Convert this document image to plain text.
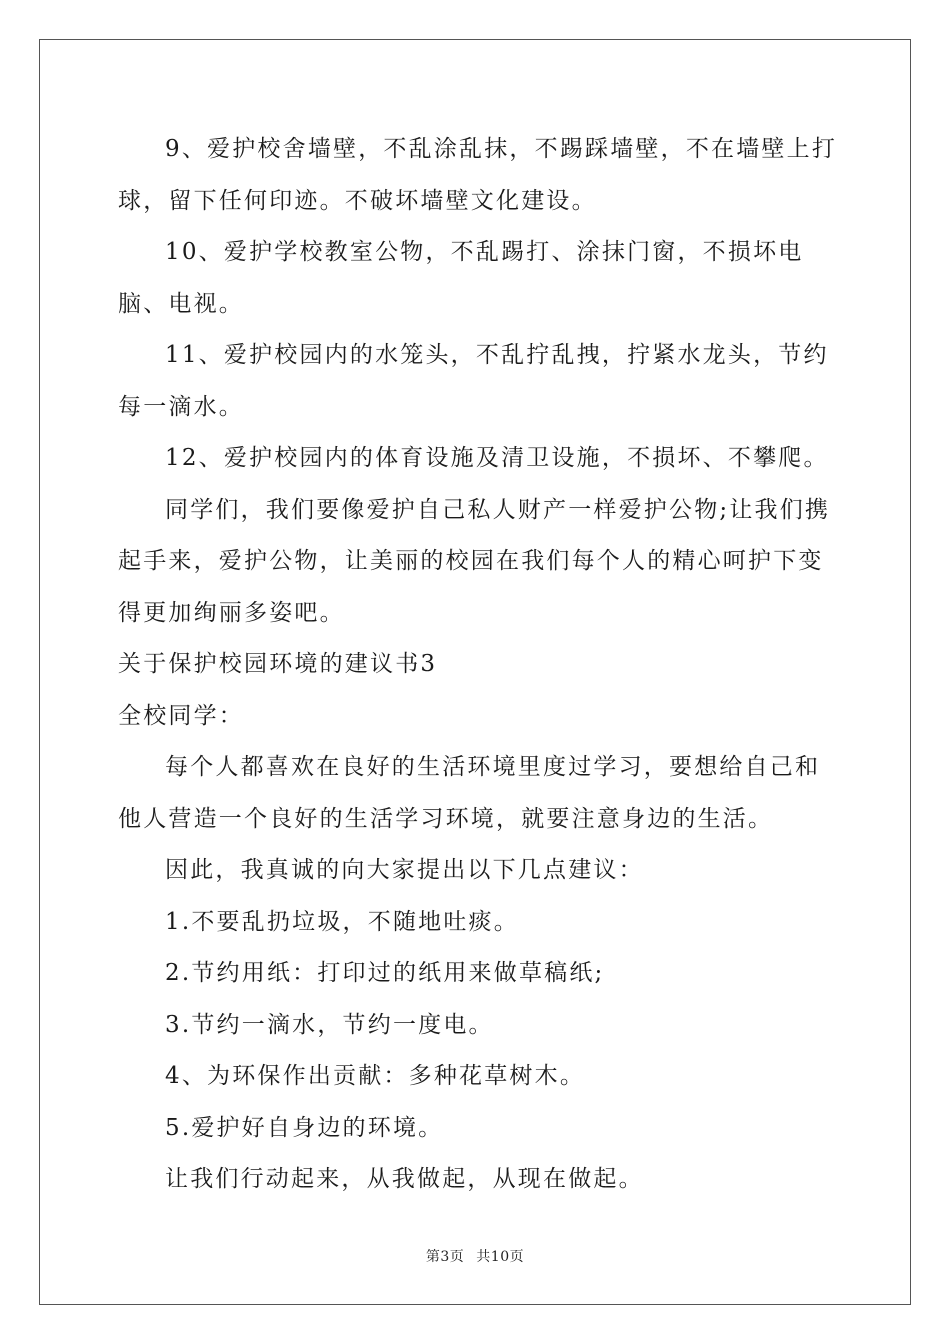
9、爱护校舍墙壁，不乱涂乱抹，不踢踩墙壁，不在墙壁上打球，留下任何印迹。不破坏墙壁文化建设。

10、爱护学校教室公物，不乱踢打、涂抹门窗，不损坏电脑、电视。

11、爱护校园内的水笼头，不乱拧乱拽，拧紧水龙头，节约每一滴水。

12、爱护校园内的体育设施及清卫设施，不损坏、不攀爬。

同学们，我们要像爱护自己私人财产一样爱护公物;让我们携起手来，爱护公物，让美丽的校园在我们每个人的精心呵护下变得更加绚丽多姿吧。

关于保护校园环境的建议书3

全校同学：

每个人都喜欢在良好的生活环境里度过学习，要想给自己和他人营造一个良好的生活学习环境，就要注意身边的生活。

因此，我真诚的向大家提出以下几点建议：

1.不要乱扔垃圾，不随地吐痰。

2.节约用纸：打印过的纸用来做草稿纸;

3.节约一滴水，节约一度电。

4、为环保作出贡献：多种花草树木。

5.爱护好自身边的环境。

让我们行动起来，从我做起，从现在做起。

第3页 共10页
